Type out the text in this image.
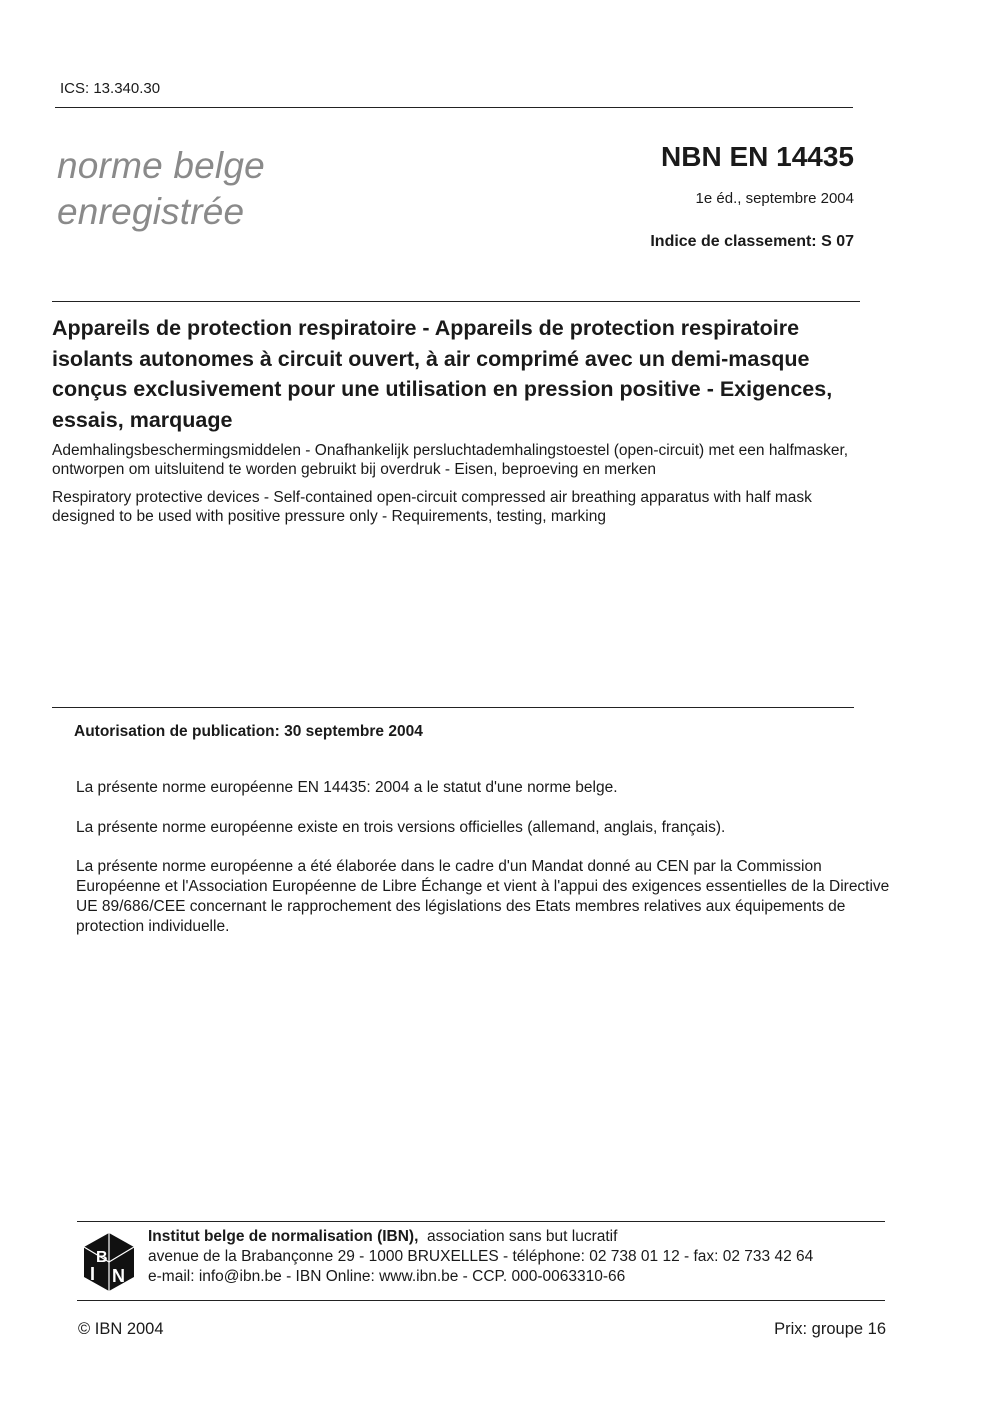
ICS: 13.340.30
norme belge
enregistrée
NBN EN 14435
1e éd., septembre 2004
Indice de classement: S 07
Appareils de protection respiratoire - Appareils de protection respiratoire isolants autonomes à circuit ouvert, à air comprimé avec un demi-masque conçus exclusivement pour une utilisation en pression positive - Exigences, essais, marquage
Ademhalingsbeschermingsmiddelen - Onafhankelijk persluchtademhalingstoestel (open-circuit) met een halfmasker, ontworpen om uitsluitend te worden gebruikt bij overdruk - Eisen, beproeving en merken
Respiratory protective devices - Self-contained open-circuit compressed air breathing apparatus with half mask designed to be used with positive pressure only - Requirements, testing, marking
Autorisation de publication: 30 septembre 2004
La présente norme européenne EN 14435: 2004 a le statut d'une norme belge.
La présente norme européenne existe en trois versions officielles (allemand, anglais, français).
La présente norme européenne a été élaborée dans le cadre d'un Mandat donné au CEN par la Commission Européenne et l'Association Européenne de Libre Échange et vient à l'appui des exigences essentielles de la Directive UE 89/686/CEE concernant le rapprochement des législations des Etats membres relatives aux équipements de protection individuelle.
I
B
N
Institut belge de normalisation (IBN), association sans but lucratif
avenue de la Brabançonne 29 - 1000 BRUXELLES - téléphone: 02 738 01 12 - fax: 02 733 42 64
e-mail: info@ibn.be - IBN Online: www.ibn.be - CCP. 000-0063310-66
© IBN 2004	Prix: groupe 16
